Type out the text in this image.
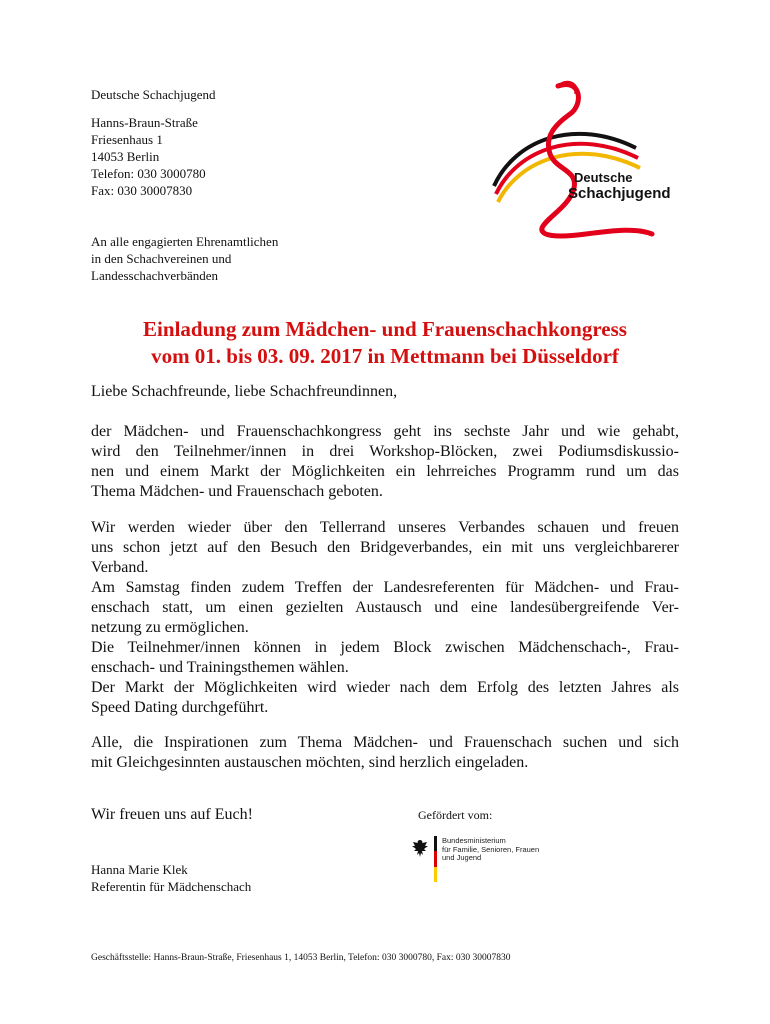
Deutsche Schachjugend
Hanns-Braun-Straße
Friesenhaus 1
14053 Berlin
Telefon: 030 3000780
Fax: 030 30007830
Deutsche
Schachjugend
An alle engagierten Ehrenamtlichen
in den Schachvereinen und
Landesschachverbänden
Einladung zum Mädchen- und Frauenschachkongress
vom 01. bis 03. 09. 2017 in Mettmann bei Düsseldorf
Liebe Schachfreunde, liebe Schachfreundinnen,
der Mädchen- und Frauenschachkongress geht ins sechste Jahr und wie gehabt,
wird den Teilnehmer/innen in drei Workshop-Blöcken, zwei Podiumsdiskussio-
nen und einem Markt der Möglichkeiten ein lehrreiches Programm rund um das
Thema Mädchen- und Frauenschach geboten.
Wir werden wieder über den Tellerrand unseres Verbandes schauen und freuen
uns schon jetzt auf den Besuch den Bridgeverbandes, ein mit uns vergleichbarerer
Verband.
Am Samstag finden zudem Treffen der Landesreferenten für Mädchen- und Frau-
enschach statt, um einen gezielten Austausch und eine landesübergreifende Ver-
netzung zu ermöglichen.
Die Teilnehmer/innen können in jedem Block zwischen Mädchenschach-, Frau-
enschach- und Trainingsthemen wählen.
Der Markt der Möglichkeiten wird wieder nach dem Erfolg des letzten Jahres als
Speed Dating durchgeführt.
Alle, die Inspirationen zum Thema Mädchen- und Frauenschach suchen und sich
mit Gleichgesinnten austauschen möchten, sind herzlich eingeladen.
Wir freuen uns auf Euch!	Gefördert vom:
Bundesministerium
für Familie, Senioren, Frauen
und Jugend
Hanna Marie Klek
Referentin für Mädchenschach
Geschäftsstelle: Hanns-Braun-Straße, Friesenhaus 1, 14053 Berlin, Telefon: 030 3000780, Fax: 030 30007830
